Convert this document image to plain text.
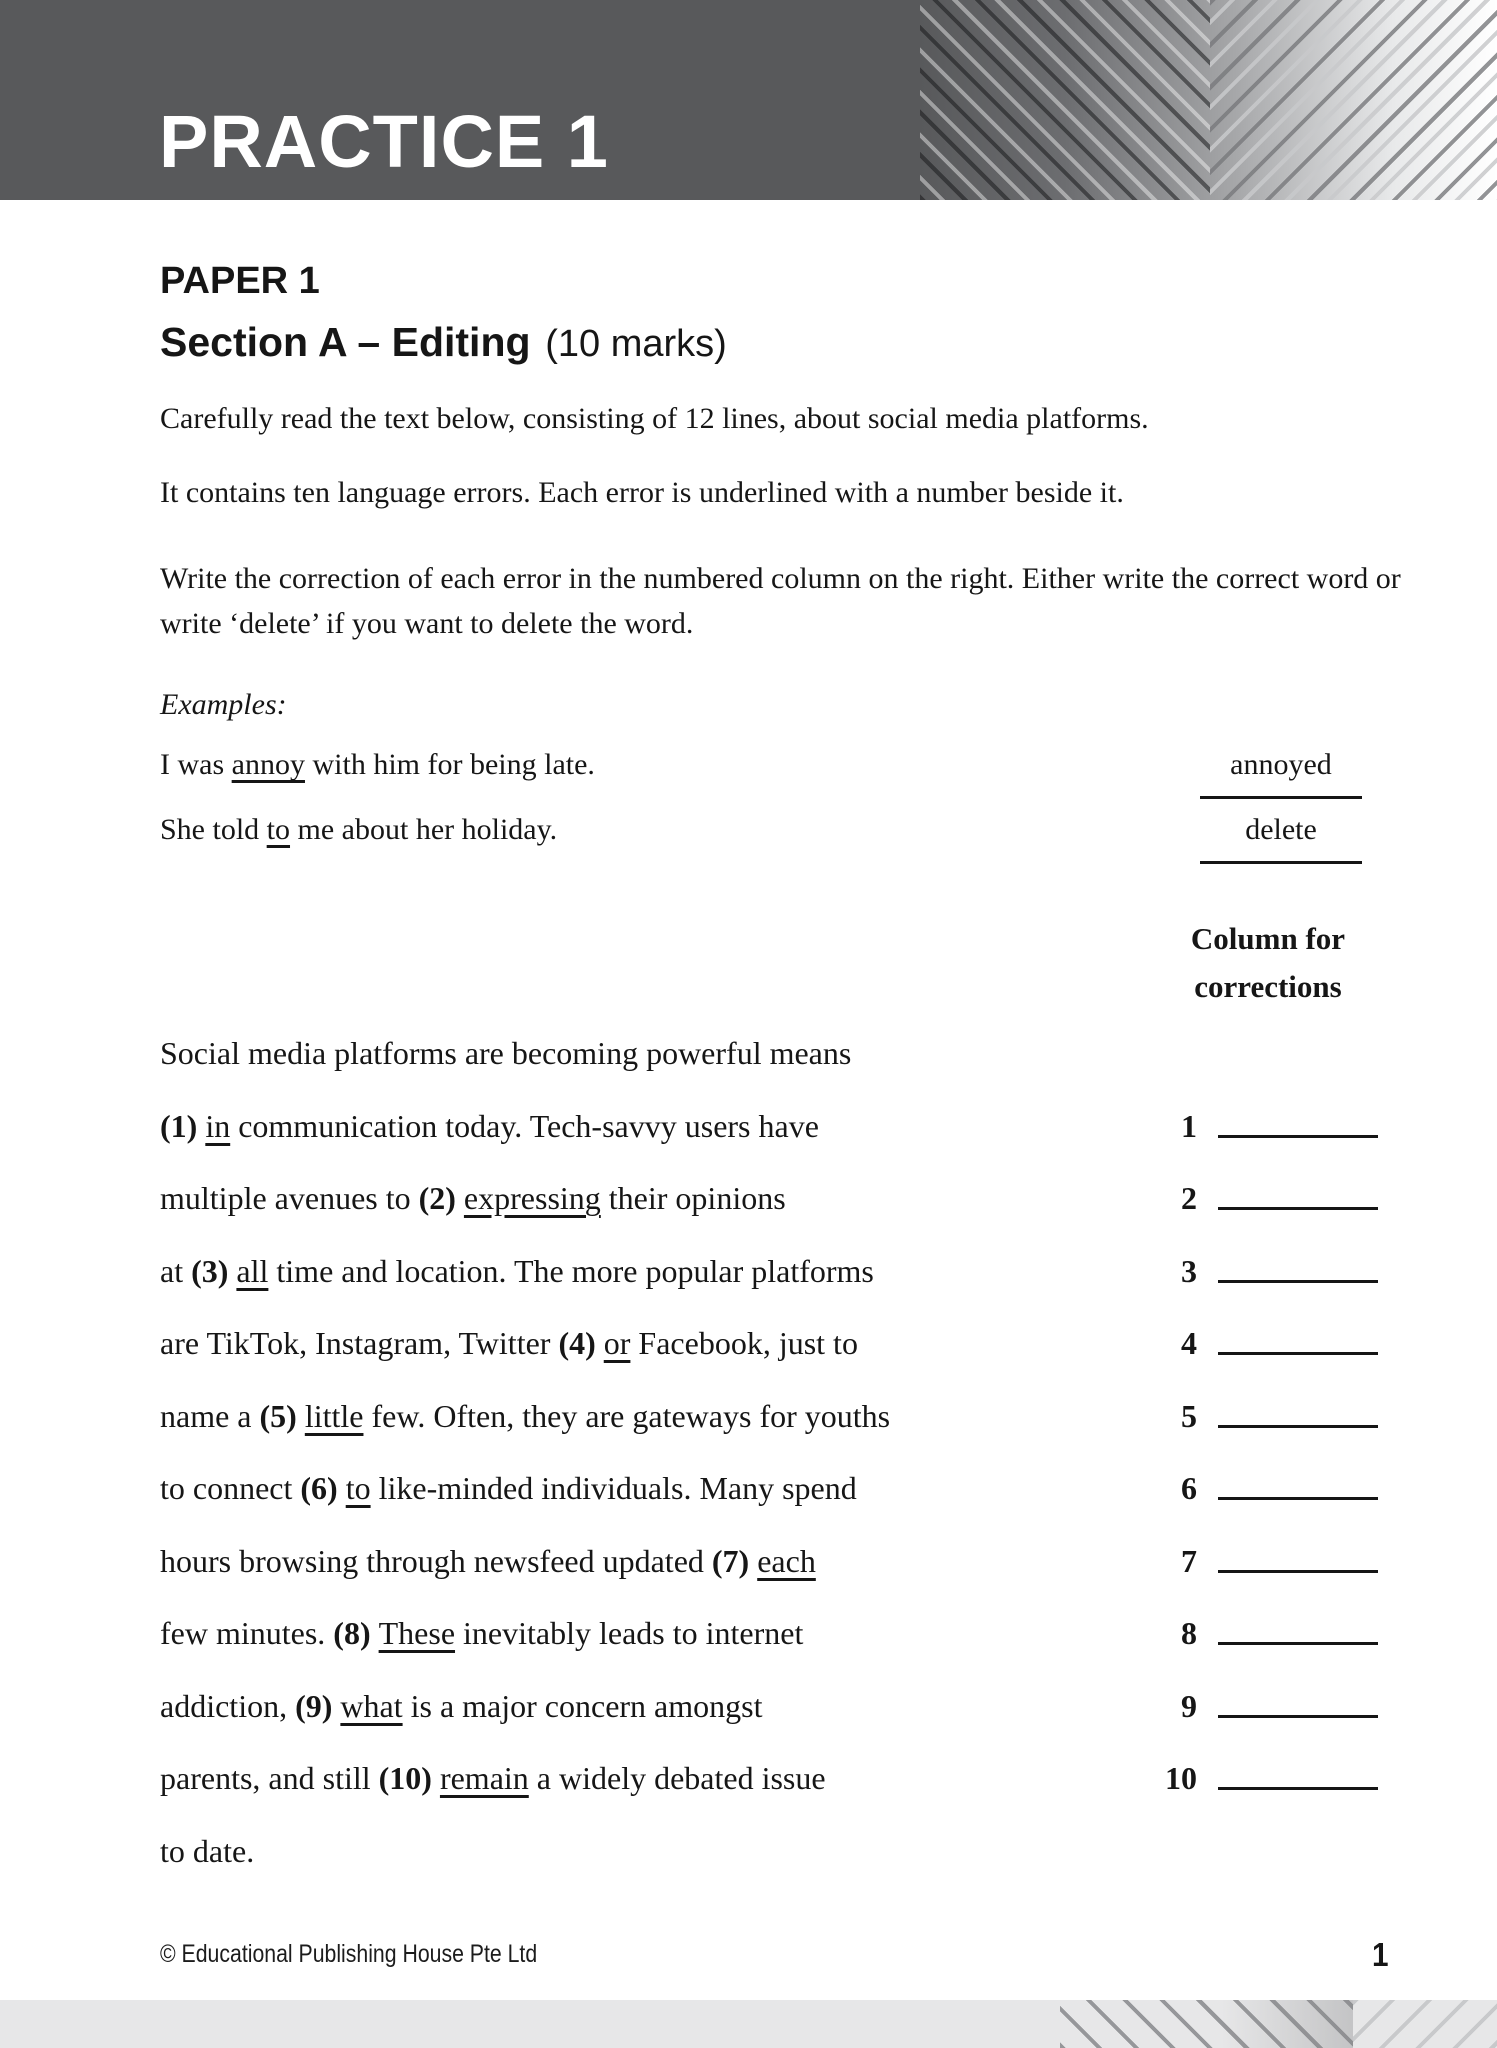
PRACTICE 1
PAPER 1
Section A – Editing (10 marks)

Carefully read the text below, consisting of 12 lines, about social media platforms.

It contains ten language errors. Each error is underlined with a number beside it.

Write the correction of each error in the numbered column on the right. Either write the correct word or write ‘delete’ if you want to delete the word.

Examples:

I was annoy with him for being late.	annoyed
She told to me about her holiday.	delete
Column for
corrections
Social media platforms are becoming powerful means
(1) in communication today. Tech-savvy users have	1
multiple avenues to (2) expressing their opinions	2
at (3) all time and location. The more popular platforms	3
are TikTok, Instagram, Twitter (4) or Facebook, just to	4
name a (5) little few. Often, they are gateways for youths	5
to connect (6) to like-minded individuals. Many spend	6
hours browsing through newsfeed updated (7) each	7
few minutes. (8) These inevitably leads to internet	8
addiction, (9) what is a major concern amongst	9
parents, and still (10) remain a widely debated issue	10
to date.

© Educational Publishing House Pte Ltd	1
